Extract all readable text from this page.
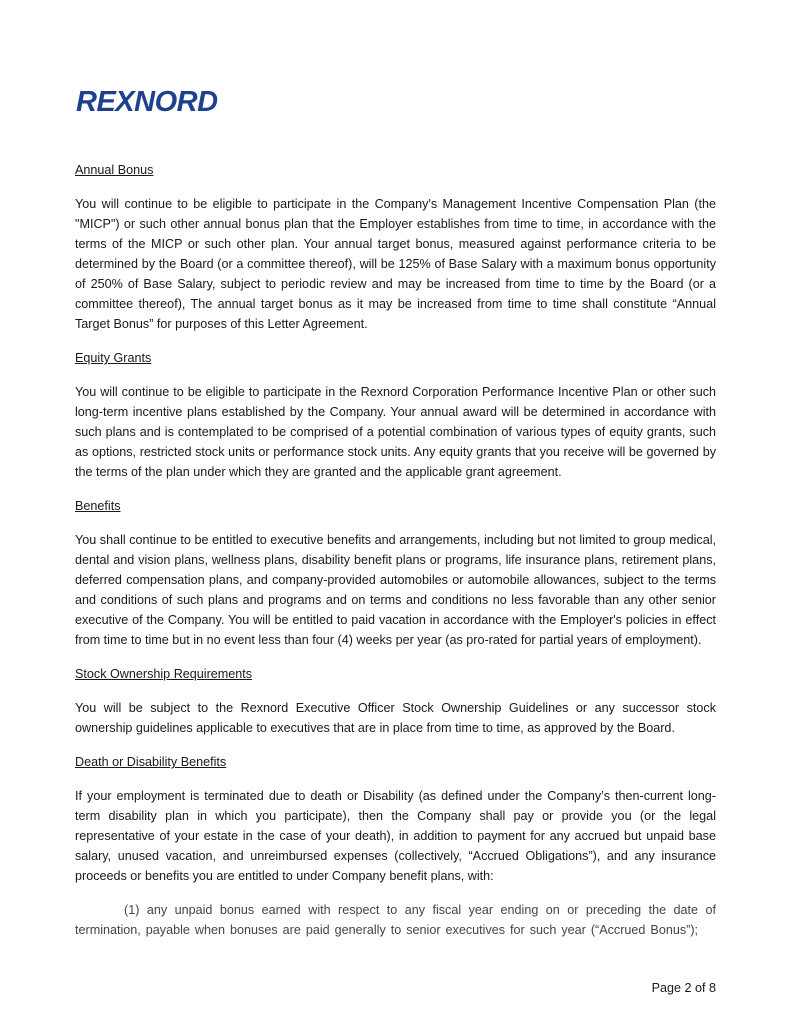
REXNORD
Annual Bonus

You will continue to be eligible to participate in the Company's Management Incentive Compensation Plan (the "MICP") or such other annual bonus plan that the Employer establishes from time to time, in accordance with the terms of the MICP or such other plan. Your annual target bonus, measured against performance criteria to be determined by the Board (or a committee thereof), will be 125% of Base Salary with a maximum bonus opportunity of 250% of Base Salary, subject to periodic review and may be increased from time to time by the Board (or a committee thereof), The annual target bonus as it may be increased from time to time shall constitute “Annual Target Bonus” for purposes of this Letter Agreement.

Equity Grants

You will continue to be eligible to participate in the Rexnord Corporation Performance Incentive Plan or other such long-term incentive plans established by the Company. Your annual award will be determined in accordance with such plans and is contemplated to be comprised of a potential combination of various types of equity grants, such as options, restricted stock units or performance stock units. Any equity grants that you receive will be governed by the terms of the plan under which they are granted and the applicable grant agreement.

Benefits

You shall continue to be entitled to executive benefits and arrangements, including but not limited to group medical, dental and vision plans, wellness plans, disability benefit plans or programs, life insurance plans, retirement plans, deferred compensation plans, and company-provided automobiles or automobile allowances, subject to the terms and conditions of such plans and programs and on terms and conditions no less favorable than any other senior executive of the Company. You will be entitled to paid vacation in accordance with the Employer's policies in effect from time to time but in no event less than four (4) weeks per year (as pro-rated for partial years of employment).

Stock Ownership Requirements

You will be subject to the Rexnord Executive Officer Stock Ownership Guidelines or any successor stock ownership guidelines applicable to executives that are in place from time to time, as approved by the Board.

Death or Disability Benefits

If your employment is terminated due to death or Disability (as defined under the Company’s then-current long-term disability plan in which you participate), then the Company shall pay or provide you (or the legal representative of your estate in the case of your death), in addition to payment for any accrued but unpaid base salary, unused vacation, and unreimbursed expenses (collectively, “Accrued Obligations”), and any insurance proceeds or benefits you are entitled to under Company benefit plans, with:

(1) any unpaid bonus earned with respect to any fiscal year ending on or preceding the date of termination, payable when bonuses are paid generally to senior executives for such year (“Accrued Bonus”);

Page 2 of 8
